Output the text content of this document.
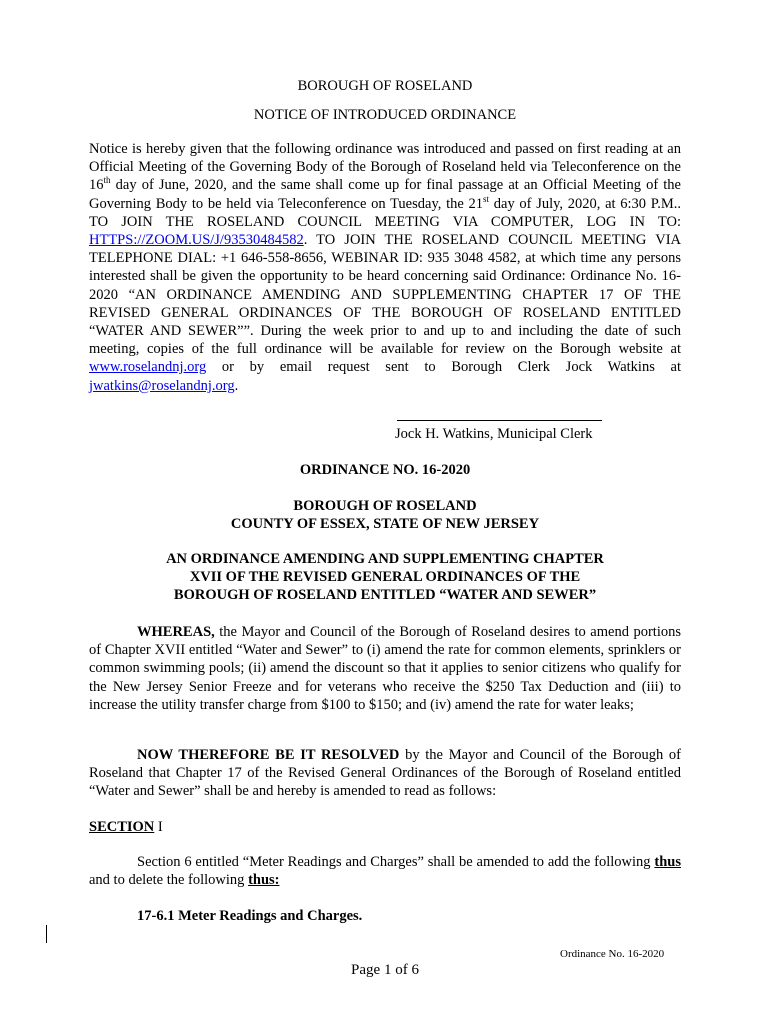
BOROUGH OF ROSELAND
NOTICE OF INTRODUCED ORDINANCE
Notice is hereby given that the following ordinance was introduced and passed on first reading at an Official Meeting of the Governing Body of the Borough of Roseland held via Teleconference on the 16th day of June, 2020, and the same shall come up for final passage at an Official Meeting of the Governing Body to be held via Teleconference on Tuesday, the 21st day of July, 2020, at 6:30 P.M.. TO JOIN THE ROSELAND COUNCIL MEETING VIA COMPUTER, LOG IN TO: HTTPS://ZOOM.US/J/93530484582. TO JOIN THE ROSELAND COUNCIL MEETING VIA TELEPHONE DIAL: +1 646-558-8656, WEBINAR ID: 935 3048 4582, at which time any persons interested shall be given the opportunity to be heard concerning said Ordinance: Ordinance No. 16-2020 “AN ORDINANCE AMENDING AND SUPPLEMENTING CHAPTER 17 OF THE REVISED GENERAL ORDINANCES OF THE BOROUGH OF ROSELAND ENTITLED “WATER AND SEWER””. During the week prior to and up to and including the date of such meeting, copies of the full ordinance will be available for review on the Borough website at www.roselandnj.org or by email request sent to Borough Clerk Jock Watkins at jwatkins@roselandnj.org.
Jock H. Watkins, Municipal Clerk
ORDINANCE NO. 16-2020
BOROUGH OF ROSELAND
COUNTY OF ESSEX, STATE OF NEW JERSEY
AN ORDINANCE AMENDING AND SUPPLEMENTING CHAPTER
XVII OF THE REVISED GENERAL ORDINANCES OF THE
BOROUGH OF ROSELAND ENTITLED “WATER AND SEWER”
WHEREAS, the Mayor and Council of the Borough of Roseland desires to amend portions of Chapter XVII entitled “Water and Sewer” to (i) amend the rate for common elements, sprinklers or common swimming pools; (ii) amend the discount so that it applies to senior citizens who qualify for the New Jersey Senior Freeze and for veterans who receive the $250 Tax Deduction and (iii) to increase the utility transfer charge from $100 to $150; and (iv) amend the rate for water leaks;
NOW THEREFORE BE IT RESOLVED by the Mayor and Council of the Borough of Roseland that Chapter 17 of the Revised General Ordinances of the Borough of Roseland entitled “Water and Sewer” shall be and hereby is amended to read as follows:
SECTION I
Section 6 entitled “Meter Readings and Charges” shall be amended to add the following thus and to delete the following thus:
17-6.1 Meter Readings and Charges.
Ordinance No. 16-2020
Page 1 of 6
